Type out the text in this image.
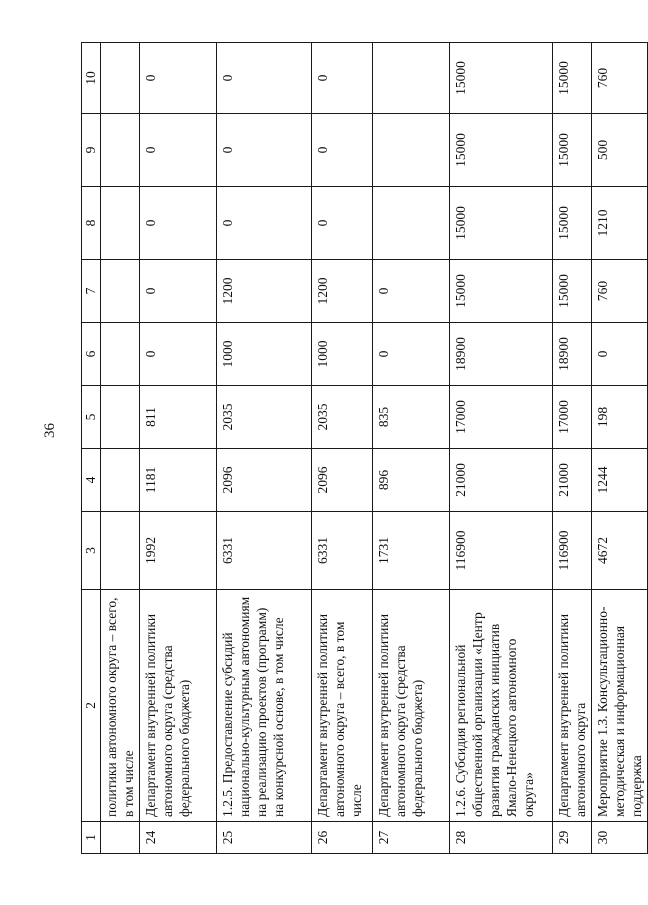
36
1	2	3	4	5	6	7	8	9	10
	политики автономного округа – всего, в том числе								
24	Департамент внутренней политики автономного округа (средства федерального бюджета)	1992	1181	811	0	0	0	0	0
25	1.2.5. Предоставление субсидий национально-культурным автономиям на реализацию проектов (программ) на конкурсной основе, в том числе	6331	2096	2035	1000	1200	0	0	0
26	Департамент внутренней политики автономного округа – всего, в том числе	6331	2096	2035	1000	1200	0	0	0
27	Департамент внутренней политики автономного округа (средства федерального бюджета)	1731	896	835	0	0			
28	1.2.6. Субсидия региональной общественной организации «Центр развития гражданских инициатив Ямало-Ненецкого автономного округа»	116900	21000	17000	18900	15000	15000	15000	15000
29	Департамент внутренней политики автономного округа	116900	21000	17000	18900	15000	15000	15000	15000
30	Мероприятие 1.3. Консультационно-методическая и информационная поддержка	4672	1244	198	0	760	1210	500	760
